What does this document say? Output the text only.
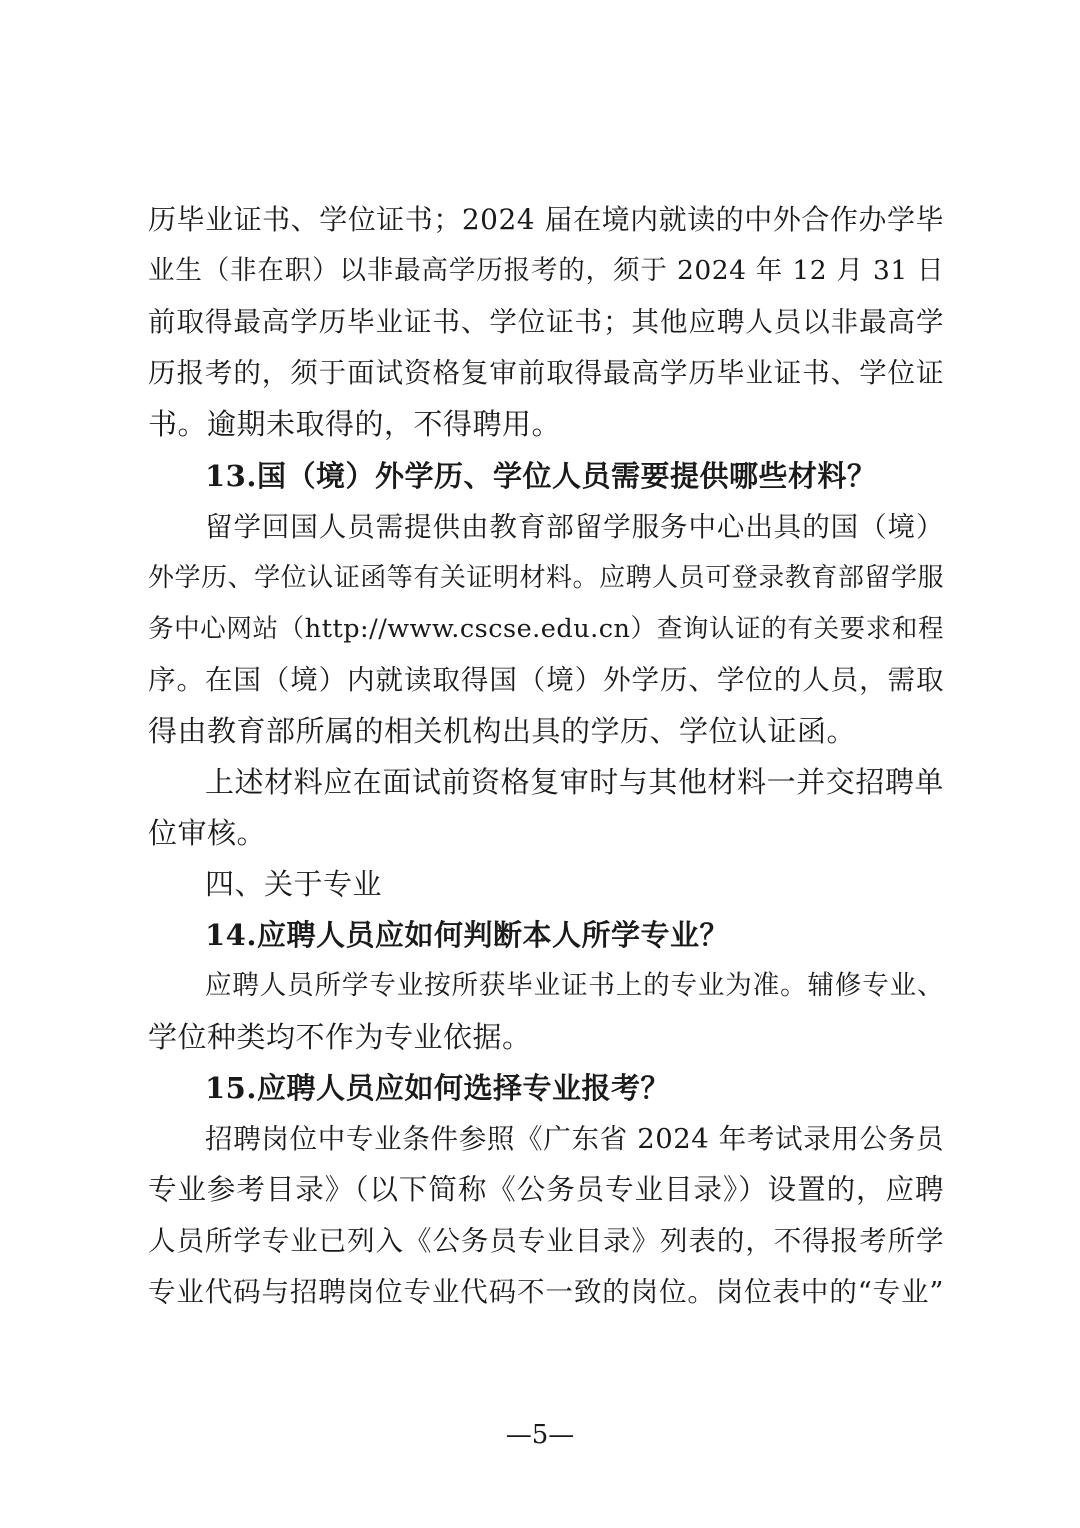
历毕业证书、学位证书；2024 届在境内就读的中外合作办学毕
业生（非在职）以非最高学历报考的，须于 2024 年 12 月 31 日
前取得最高学历毕业证书、学位证书；其他应聘人员以非最高学
历报考的，须于面试资格复审前取得最高学历毕业证书、学位证
书。逾期未取得的，不得聘用。
13.国（境）外学历、学位人员需要提供哪些材料？
留学回国人员需提供由教育部留学服务中心出具的国（境）
外学历、学位认证函等有关证明材料。应聘人员可登录教育部留学服
务中心网站（http://www.cscse.edu.cn）查询认证的有关要求和程
序。在国（境）内就读取得国（境）外学历、学位的人员，需取
得由教育部所属的相关机构出具的学历、学位认证函。
上述材料应在面试前资格复审时与其他材料一并交招聘单
位审核。
四、关于专业
14.应聘人员应如何判断本人所学专业？
应聘人员所学专业按所获毕业证书上的专业为准。辅修专业、
学位种类均不作为专业依据。
15.应聘人员应如何选择专业报考？
招聘岗位中专业条件参照《广东省 2024 年考试录用公务员
专业参考目录》（以下简称《公务员专业目录》）设置的，应聘
人员所学专业已列入《公务员专业目录》列表的，不得报考所学
专业代码与招聘岗位专业代码不一致的岗位。岗位表中的“专业”
—5—
